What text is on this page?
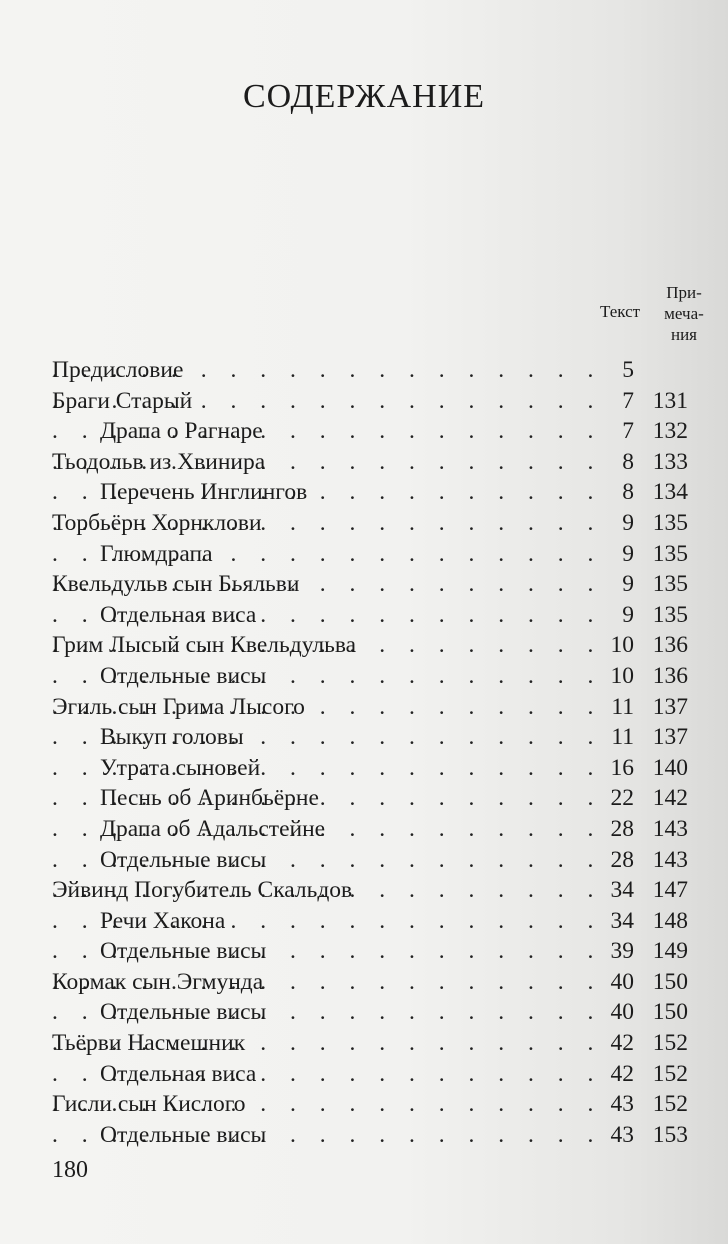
СОДЕРЖАНИЕ
При-
меча-
ния
Текст
. . .
Предисловие	5
. . .
Браги Старый	7 131
. . .
Драпа о Рагнаре	7 132
. . .
Тьодольв из Хвинира	8 133
. . .
Перечень Инглингов	8 134
. . .
Торбьёрн Хорнклови	9 135
. . .
Глюмдрапа	9 135
. . .
Квельдульв сын Бьяльви	9 135
. . .
Отдельная виса	9 135
. . .
Грим Лысый сын Квельдульва	10 136
. . .
Отдельные висы	10 136
. . .
Эгиль сын Грима Лысого	11 137
. . .
Выкуп головы	11 137
. . .
Утрата сыновей	16 140
. . .
Песнь об Аринбьёрне	22 142
. . .
Драпа об Адальстейне	28 143
. . .
Отдельные висы	28 143
. . .
Эйвинд Погубитель Скальдов	34 147
. . .
Речи Хакона	34 148
. . .
Отдельные висы	39 149
. . .
Кормак сын Эгмунда	40 150
. . .
Отдельные висы	40 150
. . .
Тьёрви Насмешник	42 152
. . .
Отдельная виса	42 152
. . .
Гисли сын Кислого	43 152
. . .
Отдельные висы	43 153
180
